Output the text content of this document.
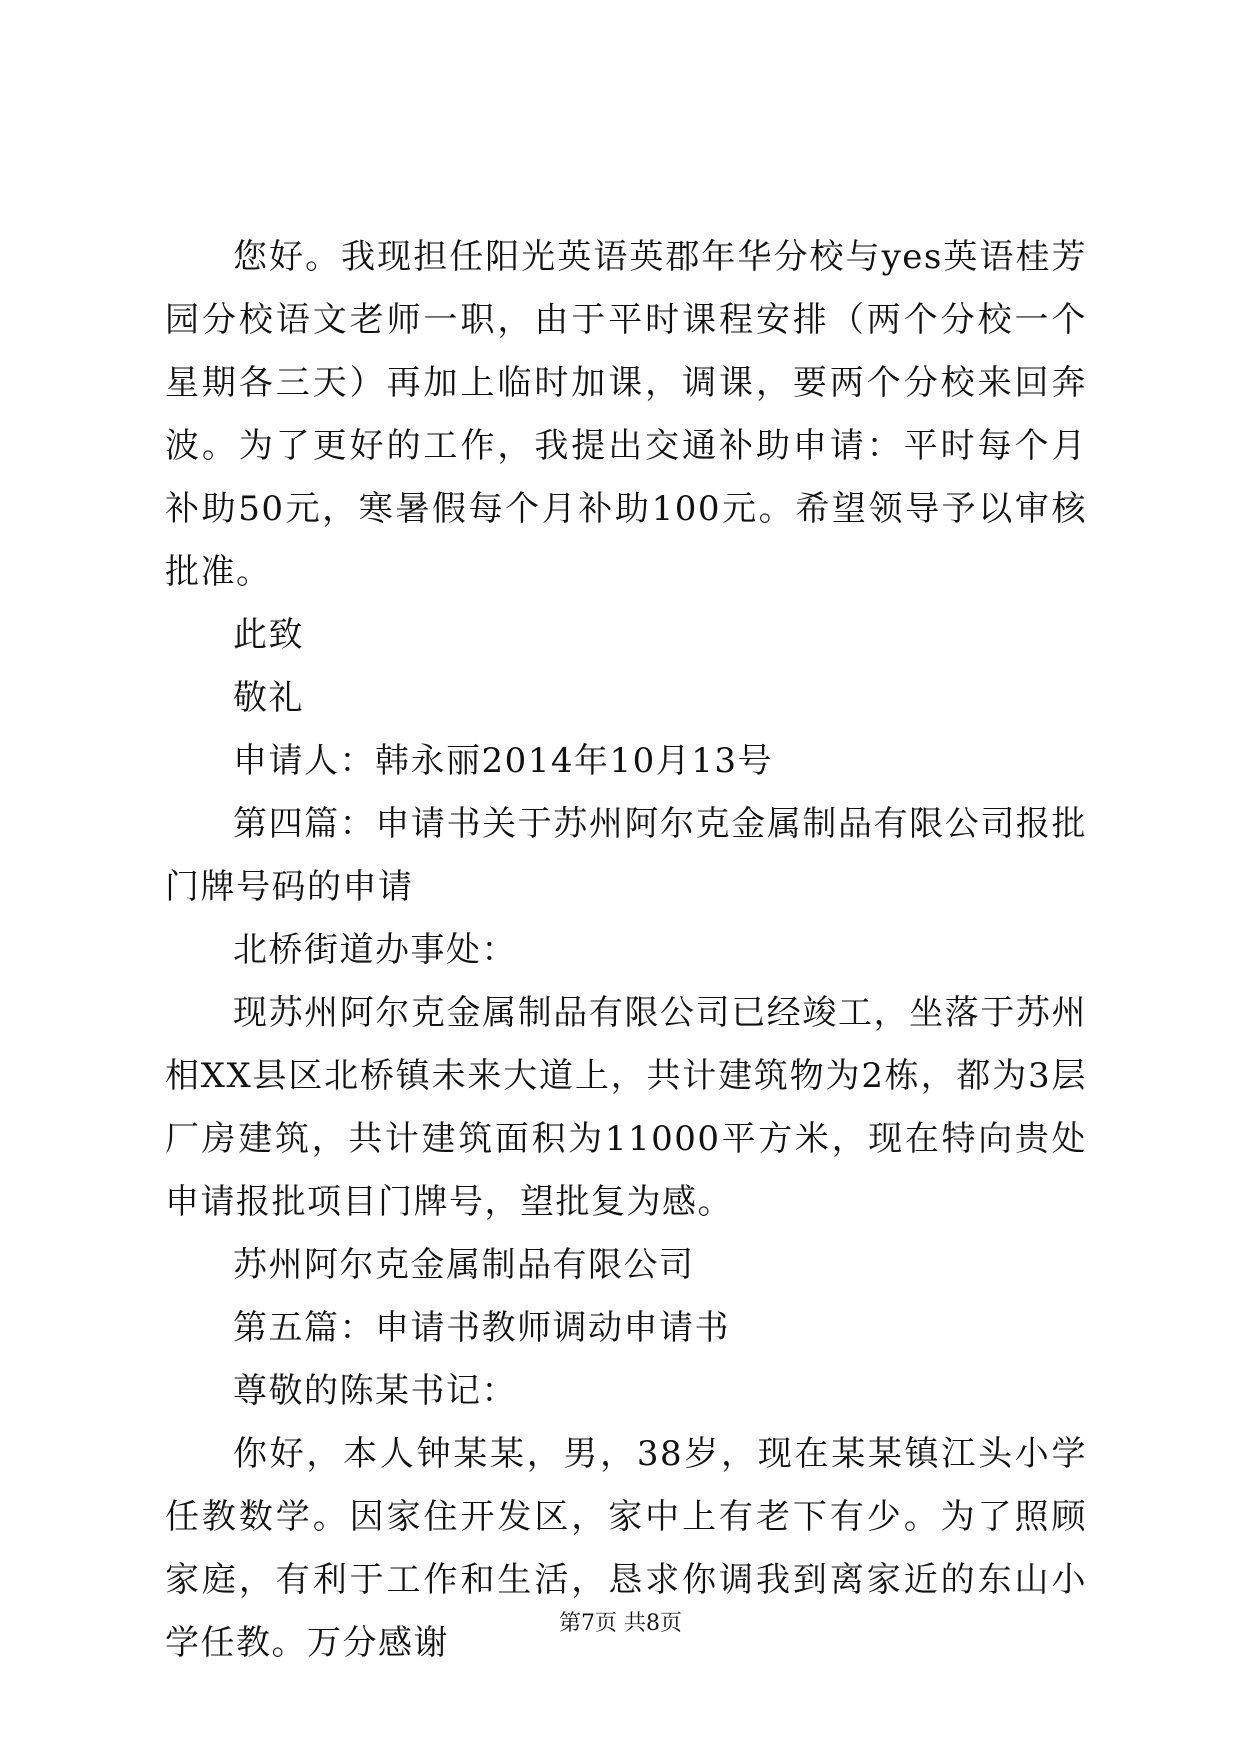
您好。我现担任阳光英语英郡年华分校与yes英语桂芳园分校语文老师一职，由于平时课程安排（两个分校一个星期各三天）再加上临时加课，调课，要两个分校来回奔波。为了更好的工作，我提出交通补助申请：平时每个月补助50元，寒暑假每个月补助100元。希望领导予以审核批准。

此致

敬礼

申请人：韩永丽2014年10月13号

第四篇：申请书关于苏州阿尔克金属制品有限公司报批门牌号码的申请

北桥街道办事处：

现苏州阿尔克金属制品有限公司已经竣工，坐落于苏州相XX县区北桥镇未来大道上，共计建筑物为2栋，都为3层厂房建筑，共计建筑面积为11000平方米，现在特向贵处申请报批项目门牌号，望批复为感。

苏州阿尔克金属制品有限公司

第五篇：申请书教师调动申请书

尊敬的陈某书记：

你好，本人钟某某，男，38岁，现在某某镇江头小学任教数学。因家住开发区，家中上有老下有少。为了照顾家庭，有利于工作和生活，恳求你调我到离家近的东山小学任教。万分感谢	第7页 共8页
